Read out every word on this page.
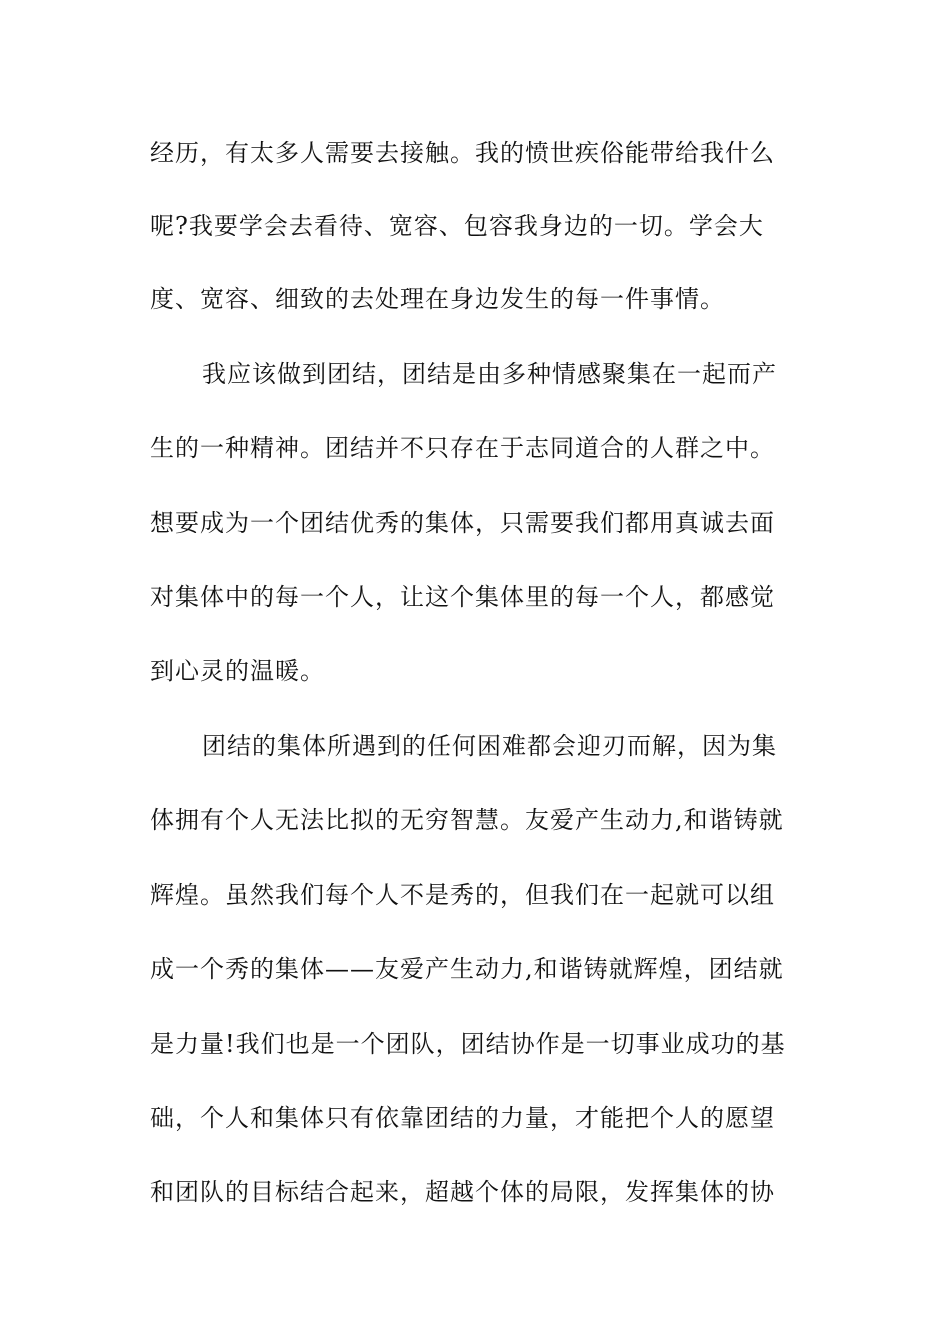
经历，有太多人需要去接触。我的愤世疾俗能带给我什么

呢?我要学会去看待、宽容、包容我身边的一切。学会大

度、宽容、细致的去处理在身边发生的每一件事情。

我应该做到团结，团结是由多种情感聚集在一起而产

生的一种精神。团结并不只存在于志同道合的人群之中。

想要成为一个团结优秀的集体，只需要我们都用真诚去面

对集体中的每一个人，让这个集体里的每一个人，都感觉

到心灵的温暖。

团结的集体所遇到的任何困难都会迎刃而解，因为集

体拥有个人无法比拟的无穷智慧。友爱产生动力,和谐铸就

辉煌。虽然我们每个人不是秀的，但我们在一起就可以组

成一个秀的集体——友爱产生动力,和谐铸就辉煌，团结就

是力量!我们也是一个团队，团结协作是一切事业成功的基

础，个人和集体只有依靠团结的力量，才能把个人的愿望

和团队的目标结合起来，超越个体的局限，发挥集体的协
